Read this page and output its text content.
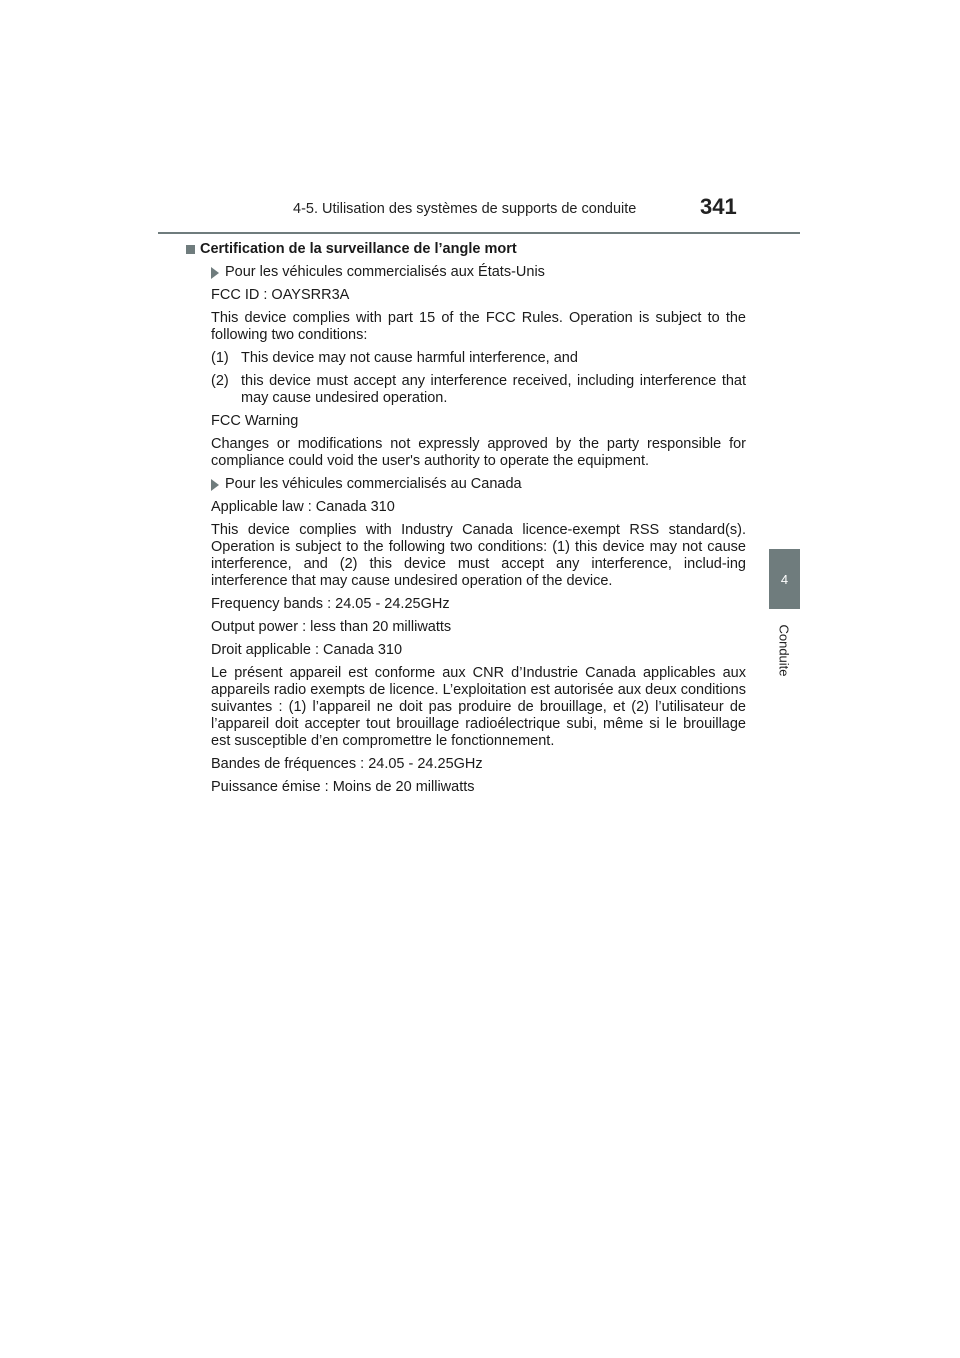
4-5. Utilisation des systèmes de supports de conduite	341
4
Conduite
Certification de la surveillance de l’angle mort
Pour les véhicules commercialisés aux États-Unis

FCC ID : OAYSRR3A

This device complies with part 15 of the FCC Rules. Operation is subject to the following two conditions:

(1) This device may not cause harmful interference, and
(2) this device must accept any interference received, including interference that may cause undesired operation.

FCC Warning

Changes or modifications not expressly approved by the party responsible for compliance could void the user's authority to operate the equipment.

Pour les véhicules commercialisés au Canada

Applicable law : Canada 310

This device complies with Industry Canada licence-exempt RSS standard(s). Operation is subject to the following two conditions: (1) this device may not cause interference, and (2) this device must accept any interference, includ-ing interference that may cause undesired operation of the device.

Frequency bands : 24.05 - 24.25GHz

Output power : less than 20 milliwatts

Droit applicable : Canada 310

Le présent appareil est conforme aux CNR d’Industrie Canada applicables aux appareils radio exempts de licence. L’exploitation est autorisée aux deux conditions suivantes : (1) l’appareil ne doit pas produire de brouillage, et (2) l’utilisateur de l’appareil doit accepter tout brouillage radioélectrique subi, même si le brouillage est susceptible d’en compromettre le fonctionnement.

Bandes de fréquences : 24.05 - 24.25GHz

Puissance émise : Moins de 20 milliwatts
